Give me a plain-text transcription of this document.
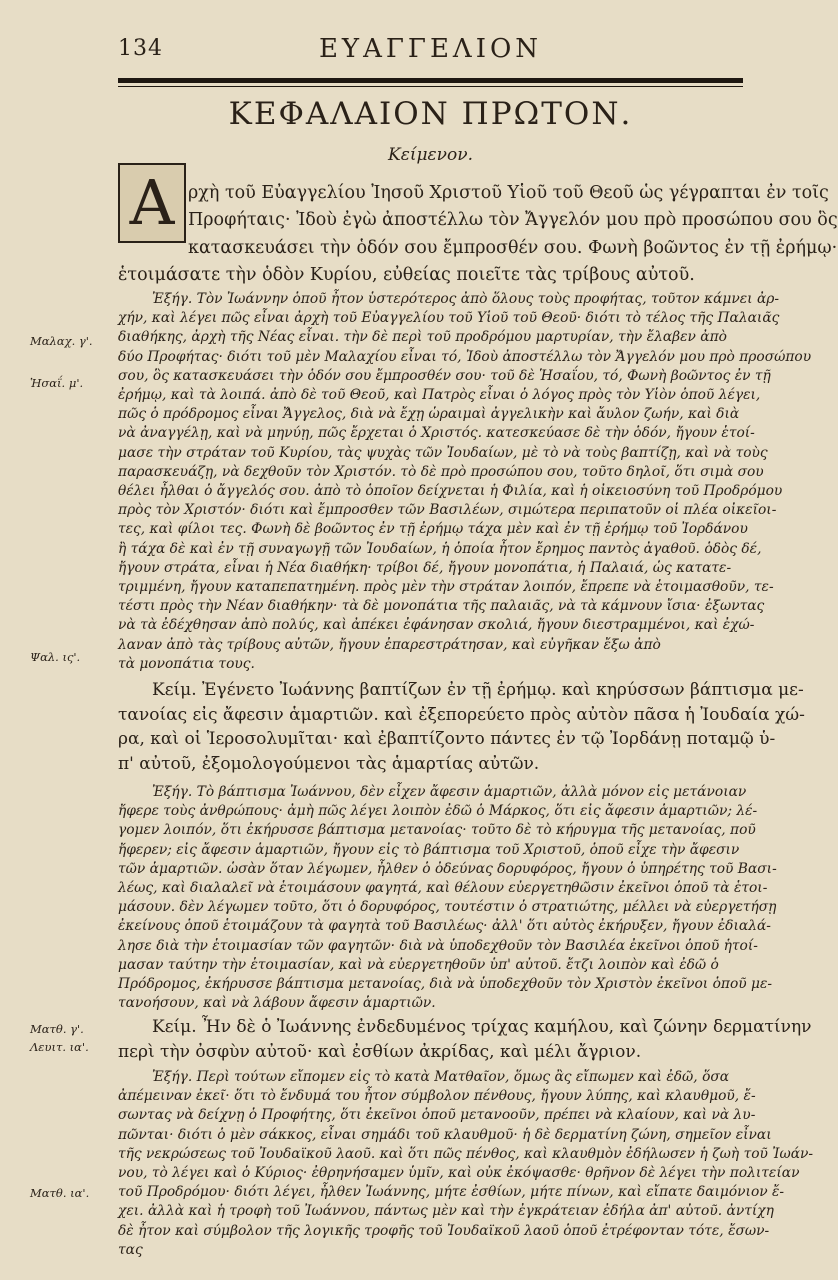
134	ΕΥΑΓΓΕΛΙΟΝ
ΚΕΦΑΛΑΙΟΝ ΠΡΩΤΟΝ.
Κείμενον.
Α ρχὴ τοῦ Εὐαγγελίου Ἰησοῦ Χριστοῦ Υἱοῦ τοῦ Θεοῦ ὡς γέγραπται ἐν τοῖς
Προφήταις· Ἰδοὺ ἐγὼ ἀποστέλλω τὸν Ἄγγελόν μου πρὸ προσώπου σου ὃς
κατασκευάσει τὴν ὁδόν σου ἔμπροσθέν σου. Φωνὴ βοῶντος ἐν τῇ ἐρήμῳ·
ἑτοιμάσατε τὴν ὁδὸν Κυρίου, εὐθείας ποιεῖτε τὰς τρίβους αὐτοῦ.
Ἐξήγ. Τὸν Ἰωάννην ὁποῦ ἦτον ὑστερότερος ἀπὸ ὅλους τοὺς προφήτας, τοῦτον κάμνει ἀρ-
χήν, καὶ λέγει πῶς εἶναι ἀρχὴ τοῦ Εὐαγγελίου τοῦ Υἱοῦ τοῦ Θεοῦ· διότι τὸ τέλος τῆς Παλαιᾶς
διαθήκης, ἀρχὴ τῆς Νέας εἶναι. τὴν δὲ περὶ τοῦ προδρόμου μαρτυρίαν, τὴν ἔλαβεν ἀπὸ
δύο Προφήτας· διότι τοῦ μὲν Μαλαχίου εἶναι τό, Ἰδοὺ ἀποστέλλω τὸν Ἄγγελόν μου πρὸ προσώπου
σου, ὃς κατασκευάσει τὴν ὁδόν σου ἔμπροσθέν σου· τοῦ δὲ Ἡσαΐου, τό, Φωνὴ βοῶντος ἐν τῇ
ἐρήμῳ, καὶ τὰ λοιπά. ἀπὸ δὲ τοῦ Θεοῦ, καὶ Πατρὸς εἶναι ὁ λόγος πρὸς τὸν Υἱὸν ὁποῦ λέγει,
πῶς ὁ πρόδρομος εἶναι Ἄγγελος, διὰ νὰ ἔχῃ ὡραιμαὶ ἀγγελικὴν καὶ ἄυλον ζωήν, καὶ διὰ
νὰ ἀναγγέλῃ, καὶ νὰ μηνύῃ, πῶς ἔρχεται ὁ Χριστός. κατεσκεύασε δὲ τὴν ὁδόν, ἤγουν ἑτοί-
μασε τὴν στράταν τοῦ Κυρίου, τὰς ψυχὰς τῶν Ἰουδαίων, μὲ τὸ νὰ τοὺς βαπτίζῃ, καὶ νὰ τοὺς
παρασκευάζῃ, νὰ δεχθοῦν τὸν Χριστόν. τὸ δὲ πρὸ προσώπου σου, τοῦτο δηλοῖ, ὅτι σιμὰ σου
θέλει ἦλθαι ὁ ἄγγελός σου. ἀπὸ τὸ ὁποῖον δείχνεται ἡ Φιλία, καὶ ἡ οἰκειοσύνη τοῦ Προδρόμου
πρὸς τὸν Χριστόν· διότι καὶ ἔμπροσθεν τῶν Βασιλέων, σιμώτερα περιπατοῦν οἱ πλέα οἰκεῖοι-
τες, καὶ φίλοι τες. Φωνὴ δὲ βοῶντος ἐν τῇ ἐρήμῳ τάχα μὲν καὶ ἐν τῇ ἐρήμῳ τοῦ Ἰορδάνου
ἢ τάχα δὲ καὶ ἐν τῇ συναγωγῇ τῶν Ἰουδαίων, ἡ ὁποία ἦτον ἔρημος παντὸς ἀγαθοῦ. ὁδὸς δέ,
ἤγουν στράτα, εἶναι ἡ Νέα διαθήκη· τρίβοι δέ, ἤγουν μονοπάτια, ἡ Παλαιά, ὡς κατατε-
τριμμένη, ἤγουν καταπεπατημένη. πρὸς μὲν τὴν στράταν λοιπόν, ἔπρεπε νὰ ἑτοιμασθοῦν, τε-
τέστι πρὸς τὴν Νέαν διαθήκην· τὰ δὲ μονοπάτια τῆς παλαιᾶς, νὰ τὰ κάμνουν ἴσια· ἐξωντας
νὰ τὰ ἐδέχθησαν ἀπὸ πολύς, καὶ ἀπέκει ἐφάνησαν σκολιά, ἤγουν διεστραμμένοι, καὶ ἐχώ-
λαναν ἀπὸ τὰς τρίβους αὐτῶν, ἤγουν ἐπαρεστράτησαν, καὶ εὐγῆκαν ἔξω ἀπὸ
τὰ μονοπάτια τους.
Κείμ. Ἐγένετο Ἰωάννης βαπτίζων ἐν τῇ ἐρήμῳ. καὶ κηρύσσων βάπτισμα με-
τανοίας εἰς ἄφεσιν ἁμαρτιῶν. καὶ ἐξεπορεύετο πρὸς αὐτὸν πᾶσα ἡ Ἰουδαία χώ-
ρα, καὶ οἱ Ἱεροσολυμῖται· καὶ ἐβαπτίζοντο πάντες ἐν τῷ Ἰορδάνῃ ποταμῷ ὑ-
π' αὐτοῦ, ἐξομολογούμενοι τὰς ἁμαρτίας αὐτῶν.
Ἐξήγ. Τὸ βάπτισμα Ἰωάννου, δὲν εἶχεν ἄφεσιν ἁμαρτιῶν, ἀλλὰ μόνον εἰς μετάνοιαν
ἤφερε τοὺς ἀνθρώπους· ἀμὴ πῶς λέγει λοιπὸν ἐδῶ ὁ Μάρκος, ὅτι εἰς ἄφεσιν ἁμαρτιῶν; λέ-
γομεν λοιπόν, ὅτι ἐκήρυσσε βάπτισμα μετανοίας· τοῦτο δὲ τὸ κήρυγμα τῆς μετανοίας, ποῦ
ἤφερεν; εἰς ἄφεσιν ἁμαρτιῶν, ἤγουν εἰς τὸ βάπτισμα τοῦ Χριστοῦ, ὁποῦ εἶχε τὴν ἄφεσιν
τῶν ἁμαρτιῶν. ὡσὰν ὅταν λέγωμεν, ἦλθεν ὁ ὀδεύνας δορυφόρος, ἤγουν ὁ ὑπηρέτης τοῦ Βασι-
λέως, καὶ διαλαλεῖ νὰ ἑτοιμάσουν φαγητά, καὶ θέλουν εὐεργετηθῶσιν ἐκεῖνοι ὁποῦ τὰ ἑτοι-
μάσουν. δὲν λέγωμεν τοῦτο, ὅτι ὁ δορυφόρος, τουτέστιν ὁ στρατιώτης, μέλλει νὰ εὐεργετήσῃ
ἐκείνους ὁποῦ ἑτοιμάζουν τὰ φαγητὰ τοῦ Βασιλέως· ἀλλ' ὅτι αὐτὸς ἐκήρυξεν, ἤγουν ἐδιαλά-
λησε διὰ τὴν ἑτοιμασίαν τῶν φαγητῶν· διὰ νὰ ὑποδεχθοῦν τὸν Βασιλέα ἐκεῖνοι ὁποῦ ἡτοί-
μασαν ταύτην τὴν ἑτοιμασίαν, καὶ νὰ εὐεργετηθοῦν ὑπ' αὐτοῦ. ἔτζι λοιπὸν καὶ ἐδῶ ὁ
Πρόδρομος, ἐκήρυσσε βάπτισμα μετανοίας, διὰ νὰ ὑποδεχθοῦν τὸν Χριστὸν ἐκεῖνοι ὁποῦ με-
τανοήσουν, καὶ νὰ λάβουν ἄφεσιν ἁμαρτιῶν.
Κείμ. Ἦν δὲ ὁ Ἰωάννης ἐνδεδυμένος τρίχας καμήλου, καὶ ζώνην δερματίνην
περὶ τὴν ὀσφὺν αὐτοῦ· καὶ ἐσθίων ἀκρίδας, καὶ μέλι ἄγριον.
Ἐξήγ. Περὶ τούτων εἴπομεν εἰς τὸ κατὰ Ματθαῖον, ὅμως ἂς εἴπωμεν καὶ ἐδῶ, ὅσα
ἀπέμειναν ἐκεῖ· ὅτι τὸ ἔνδυμά του ἦτον σύμβολον πένθους, ἤγουν λύπης, καὶ κλαυθμοῦ, ἔ-
σωντας νὰ δείχνῃ ὁ Προφήτης, ὅτι ἐκεῖνοι ὁποῦ μετανοοῦν, πρέπει νὰ κλαίουν, καὶ νὰ λυ-
πῶνται· διότι ὁ μὲν σάκκος, εἶναι σημάδι τοῦ κλαυθμοῦ· ἡ δὲ δερματίνη ζώνη, σημεῖον εἶναι
τῆς νεκρώσεως τοῦ Ἰουδαϊκοῦ λαοῦ. καὶ ὅτι πῶς πένθος, καὶ κλαυθμὸν ἐδήλωσεν ἡ ζωὴ τοῦ Ἰωάν-
νου, τὸ λέγει καὶ ὁ Κύριος· ἐθρηνήσαμεν ὑμῖν, καὶ οὐκ ἐκόψασθε· θρῆνον δὲ λέγει τὴν πολιτείαν
τοῦ Προδρόμου· διότι λέγει, ἦλθεν Ἰωάννης, μήτε ἐσθίων, μήτε πίνων, καὶ εἴπατε δαιμόνιον ἔ-
χει. ἀλλὰ καὶ ἡ τροφὴ τοῦ Ἰωάννου, πάντως μὲν καὶ τὴν ἐγκράτειαν ἐδήλα ἀπ' αὐτοῦ. ἀντίχη
δὲ ἦτον καὶ σύμβολον τῆς λογικῆς τροφῆς τοῦ Ἰουδαϊκοῦ λαοῦ ὁποῦ ἐτρέφονταν τότε, ἔσων-
τας
Μαλαχ. γ'.
Ἡσαΐ. μ'.
Ψαλ. ις'.
Ματθ. γ'.
Λευιτ. ια'.
Ματθ. ια'.
